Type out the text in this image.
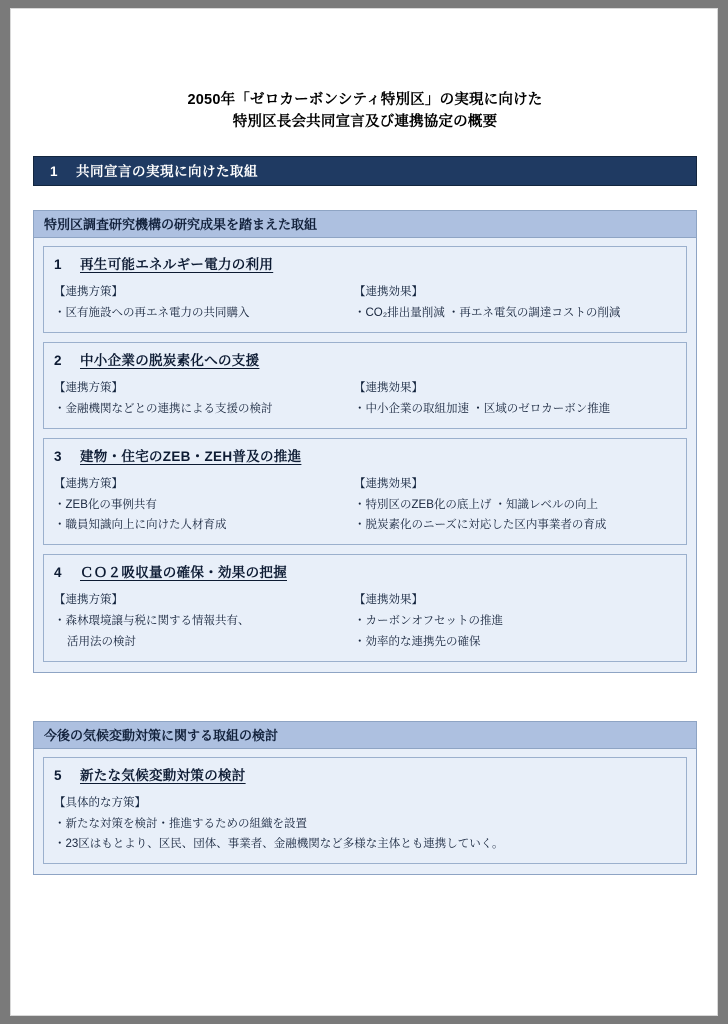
2050年「ゼロカーボンシティ特別区」の実現に向けた
特別区長会共同宣言及び連携協定の概要
1 共同宣言の実現に向けた取組
特別区調査研究機構の研究成果を踏まえた取組
1 再生可能エネルギー電力の利用
【連携方策】
・区有施設への再エネ電力の共同購入
【連携効果】
・CO₂排出量削減 ・再エネ電気の調達コストの削減
2 中小企業の脱炭素化への支援
【連携方策】
・金融機関などとの連携による支援の検討
【連携効果】
・中小企業の取組加速 ・区域のゼロカーボン推進
3 建物・住宅のZEB・ZEH普及の推進
【連携方策】
・ZEB化の事例共有
・職員知識向上に向けた人材育成
【連携効果】
・特別区のZEB化の底上げ ・知識レベルの向上
・脱炭素化のニーズに対応した区内事業者の育成
4 ＣＯ２吸収量の確保・効果の把握
【連携方策】
・森林環境譲与税に関する情報共有、
活用法の検討
【連携効果】
・カーボンオフセットの推進
・効率的な連携先の確保
今後の気候変動対策に関する取組の検討
5 新たな気候変動対策の検討
【具体的な方策】
・新たな対策を検討・推進するための組織を設置
・23区はもとより、区民、団体、事業者、金融機関など多様な主体とも連携していく。
